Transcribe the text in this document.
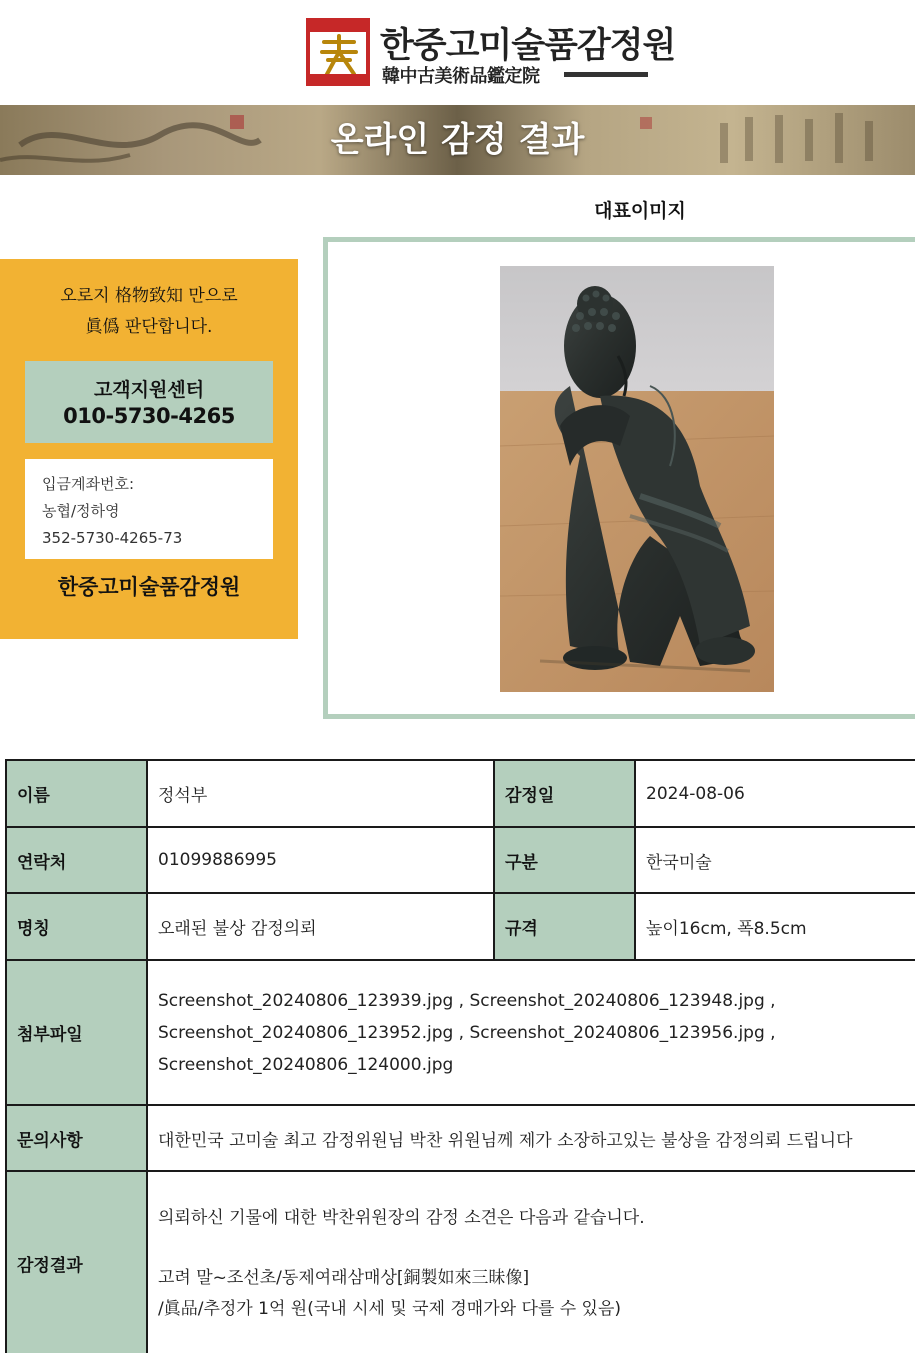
한중고미술품감정원
韓中古美術品鑑定院
온라인 감정 결과
대표이미지
오로지 格物致知 만으로
眞僞 판단합니다.
고객지원센터
010-5730-4265
입금계좌번호:
농협/정하영
352-5730-4265-73
한중고미술품감정원
이름	정석부	감정일	2024-08-06
연락처	01099886995	구분	한국미술
명칭	오래된 불상 감정의뢰	규격	높이16cm, 폭8.5cm
첨부파일	Screenshot_20240806_123939.jpg , Screenshot_20240806_123948.jpg ,
Screenshot_20240806_123952.jpg , Screenshot_20240806_123956.jpg ,
Screenshot_20240806_124000.jpg		

문의사항	대한민국 고미술 최고 감정위원님 박찬 위원님께 제가 소장하고있는 불상을 감정의뢰 드립니다		
감정결과	의뢰하신 기물에 대한 박찬위원장의 감정 소견은 다음과 같습니다.
고려 말~조선초/동제여래삼매상[銅製如來三昧像]
/眞品/추정가 1억 원(국내 시세 및 국제 경매가와 다를 수 있음)		
